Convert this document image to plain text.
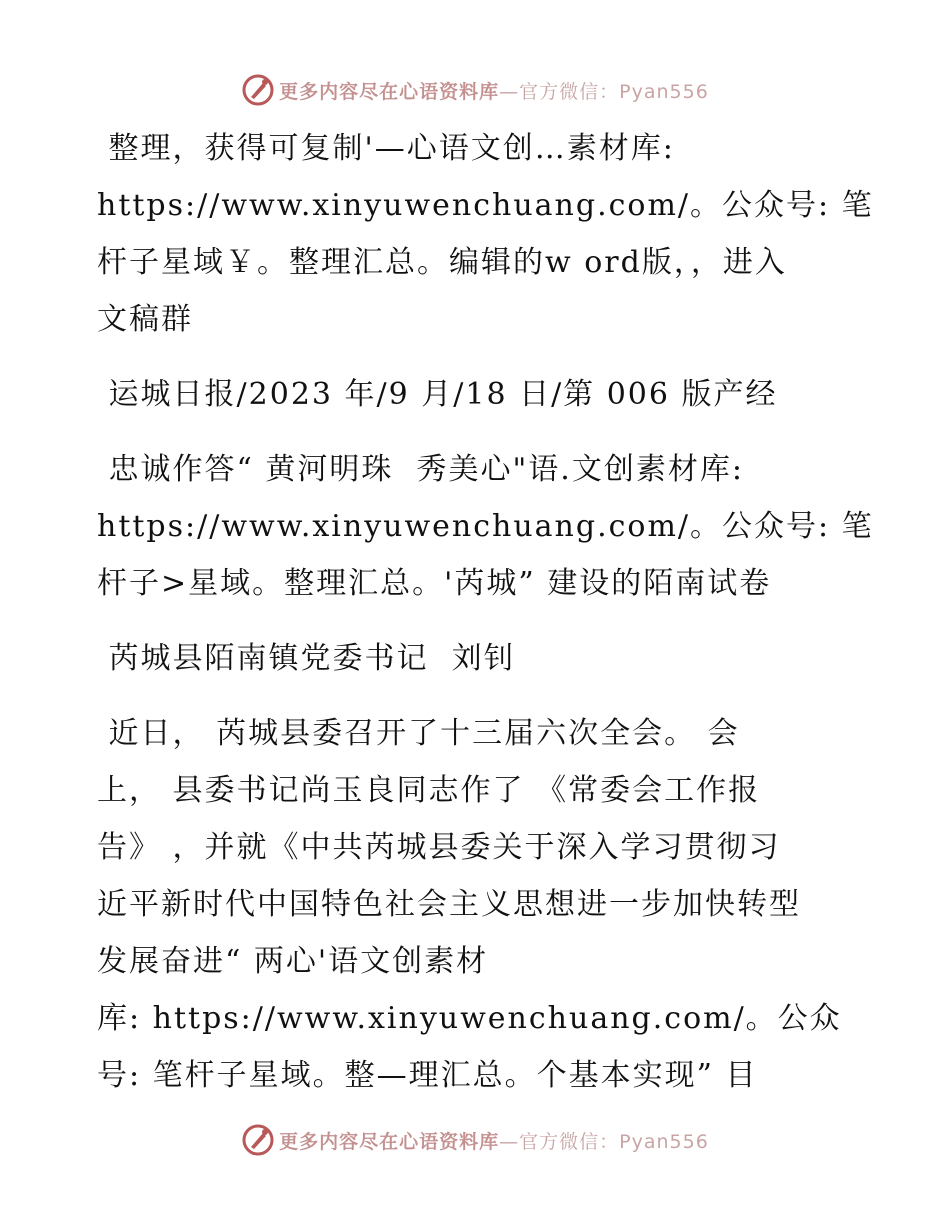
更多内容尽在心语资料库—官方微信：Pyan556
整理，获得可复制'—心语文创…素材库:
https://www.xinyuwenchuang.com/。公众号: 笔
杆子星域￥。整理汇总。编辑的w ord版，，进入
文稿群
运城日报/2023 年/9 月/18 日/第 006 版产经
忠诚作答“ 黄河明珠  秀美心"语.文创素材库:
https://www.xinyuwenchuang.com/。公众号: 笔
杆子>星域。整理汇总。'芮城” 建设的陌南试卷
芮城县陌南镇党委书记  刘钊
近日， 芮城县委召开了十三届六次全会。 会
上， 县委书记尚玉良同志作了 《常委会工作报
告》 ，并就《中共芮城县委关于深入学习贯彻习
近平新时代中国特色社会主义思想进一步加快转型
发展奋进“ 两心'语文创素材
库: https://www.xinyuwenchuang.com/。公众
号: 笔杆子星域。整—理汇总。个基本实现” 目
更多内容尽在心语资料库—官方微信：Pyan556
